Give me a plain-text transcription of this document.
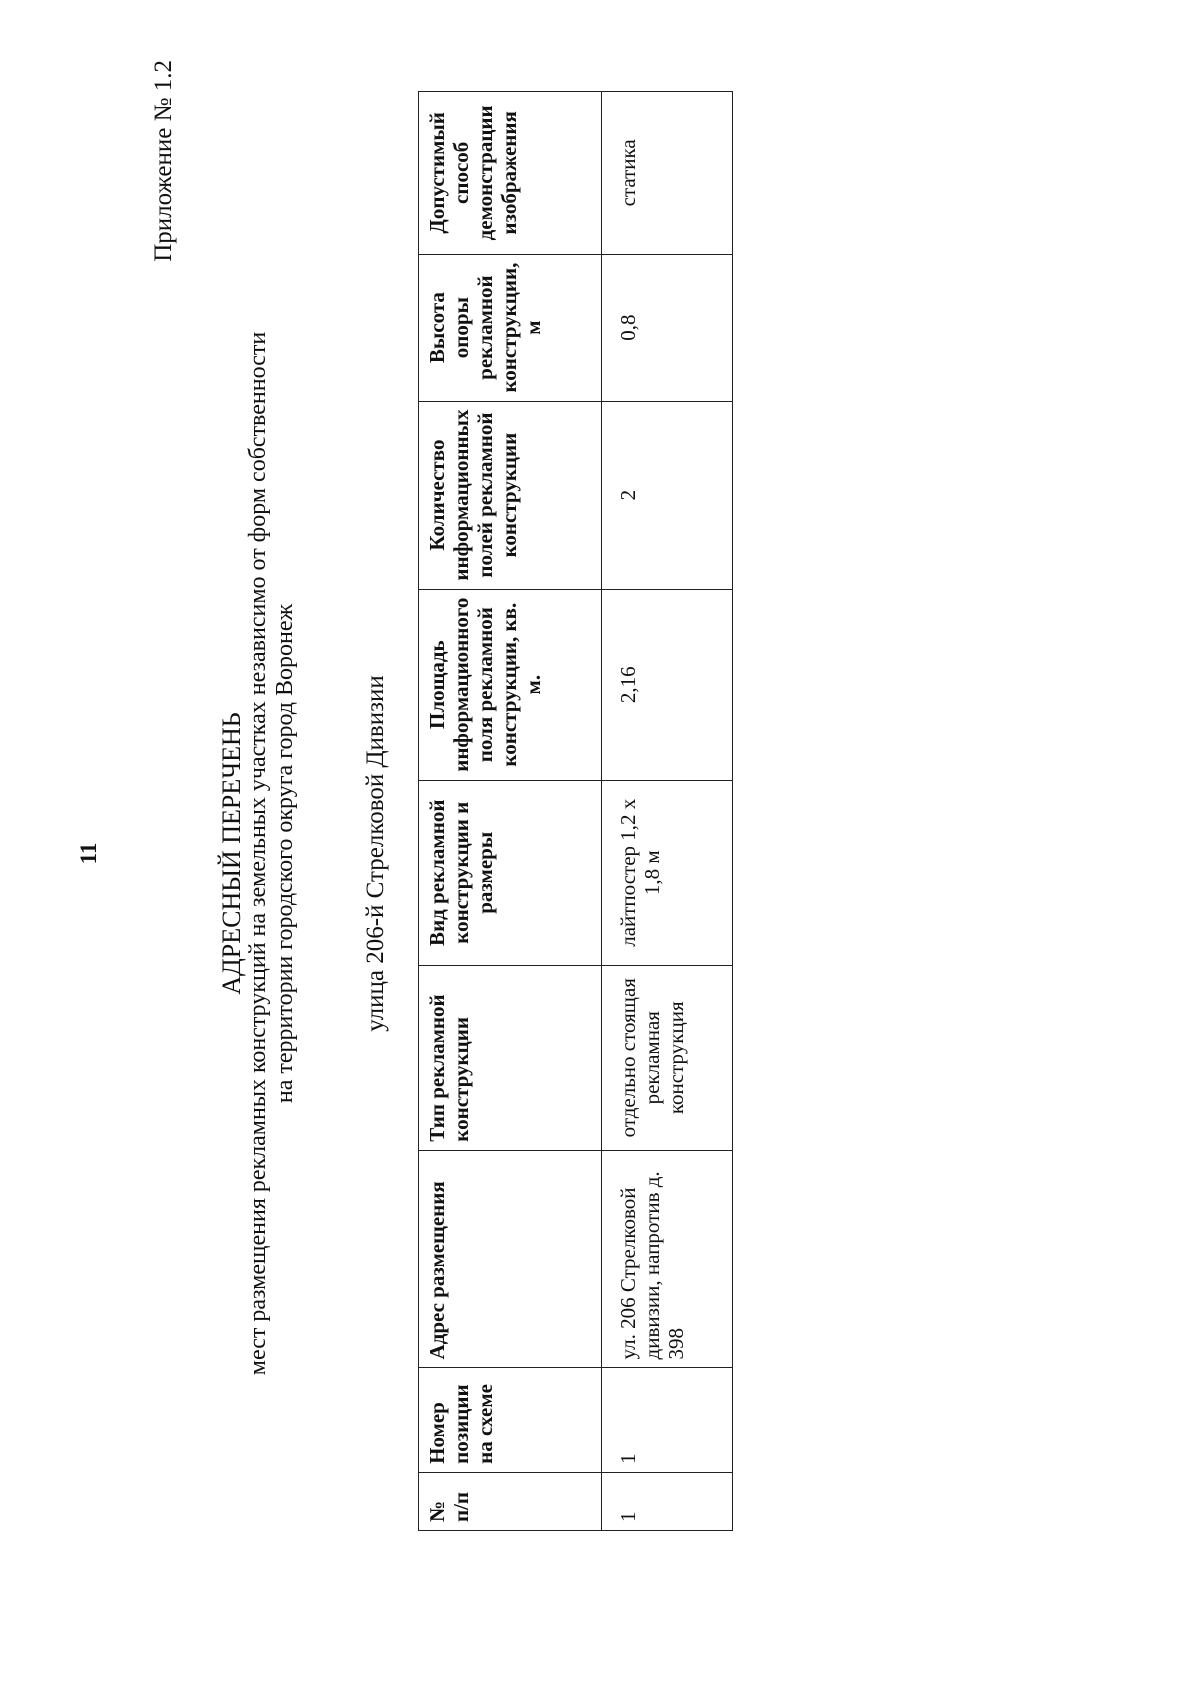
11
Приложение № 1.2
АДРЕСНЫЙ ПЕРЕЧЕНЬ мест размещения рекламных конструкций на земельных участках независимо от форм собственности на территории городского округа город Воронеж	улица 206-й Стрелковой Дивизии
№ п/п	Номер позиции на схеме	Адрес размещения	Тип рекламной конструкции	Вид рекламной конструкции и размеры	Площадь информационного поля рекламной конструкции, кв. м.	Количество информационных полей рекламной конструкции	Высота опоры рекламной конструкции, м	Допустимый способ демонстрации изображения
1	1	ул. 206 Стрелковой дивизии, напротив д. 398	отдельно стоящая рекламная конструкция	лайтпостер 1,2 х 1,8 м	2,16	2	0,8	статика
